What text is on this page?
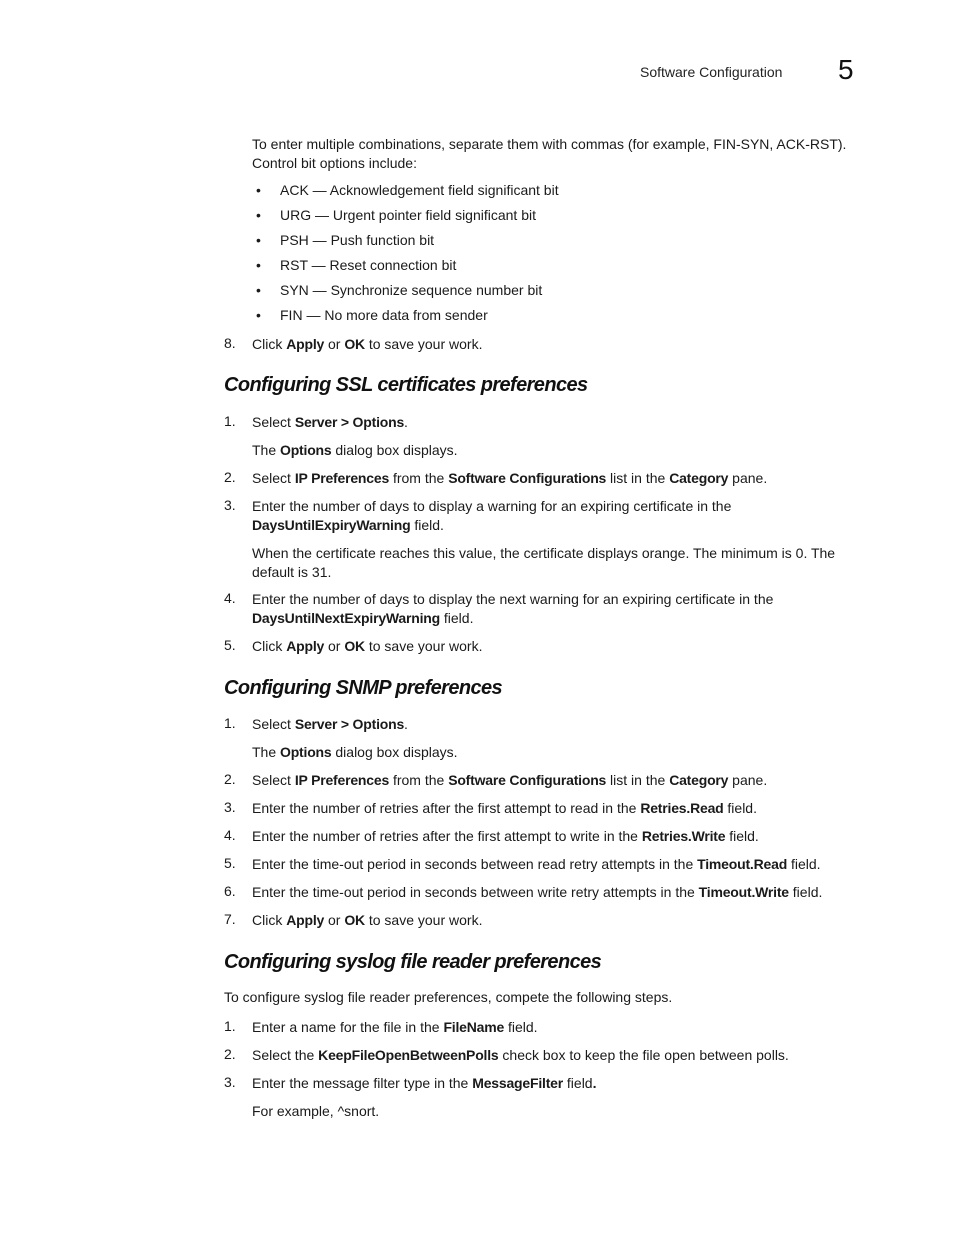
Software Configuration 5
To enter multiple combinations, separate them with commas (for example, FIN-SYN, ACK-RST).
Control bit options include:
• ACK — Acknowledgement field significant bit
• URG — Urgent pointer field significant bit
• PSH — Push function bit
• RST — Reset connection bit
• SYN — Synchronize sequence number bit
• FIN — No more data from sender
8. Click Apply or OK to save your work.
Configuring SSL certificates preferences
1. Select Server > Options.
The Options dialog box displays.
2. Select IP Preferences from the Software Configurations list in the Category pane.
3. Enter the number of days to display a warning for an expiring certificate in the
DaysUntilExpiryWarning field.
When the certificate reaches this value, the certificate displays orange. The minimum is 0. The
default is 31.
4. Enter the number of days to display the next warning for an expiring certificate in the
DaysUntilNextExpiryWarning field.
5. Click Apply or OK to save your work.
Configuring SNMP preferences
1. Select Server > Options.
The Options dialog box displays.
2. Select IP Preferences from the Software Configurations list in the Category pane.
3. Enter the number of retries after the first attempt to read in the Retries.Read field.
4. Enter the number of retries after the first attempt to write in the Retries.Write field.
5. Enter the time-out period in seconds between read retry attempts in the Timeout.Read field.
6. Enter the time-out period in seconds between write retry attempts in the Timeout.Write field.
7. Click Apply or OK to save your work.
Configuring syslog file reader preferences
To configure syslog file reader preferences, compete the following steps.
1. Enter a name for the file in the FileName field.
2. Select the KeepFileOpenBetweenPolls check box to keep the file open between polls.
3. Enter the message filter type in the MessageFilter field.
For example, ^snort.
